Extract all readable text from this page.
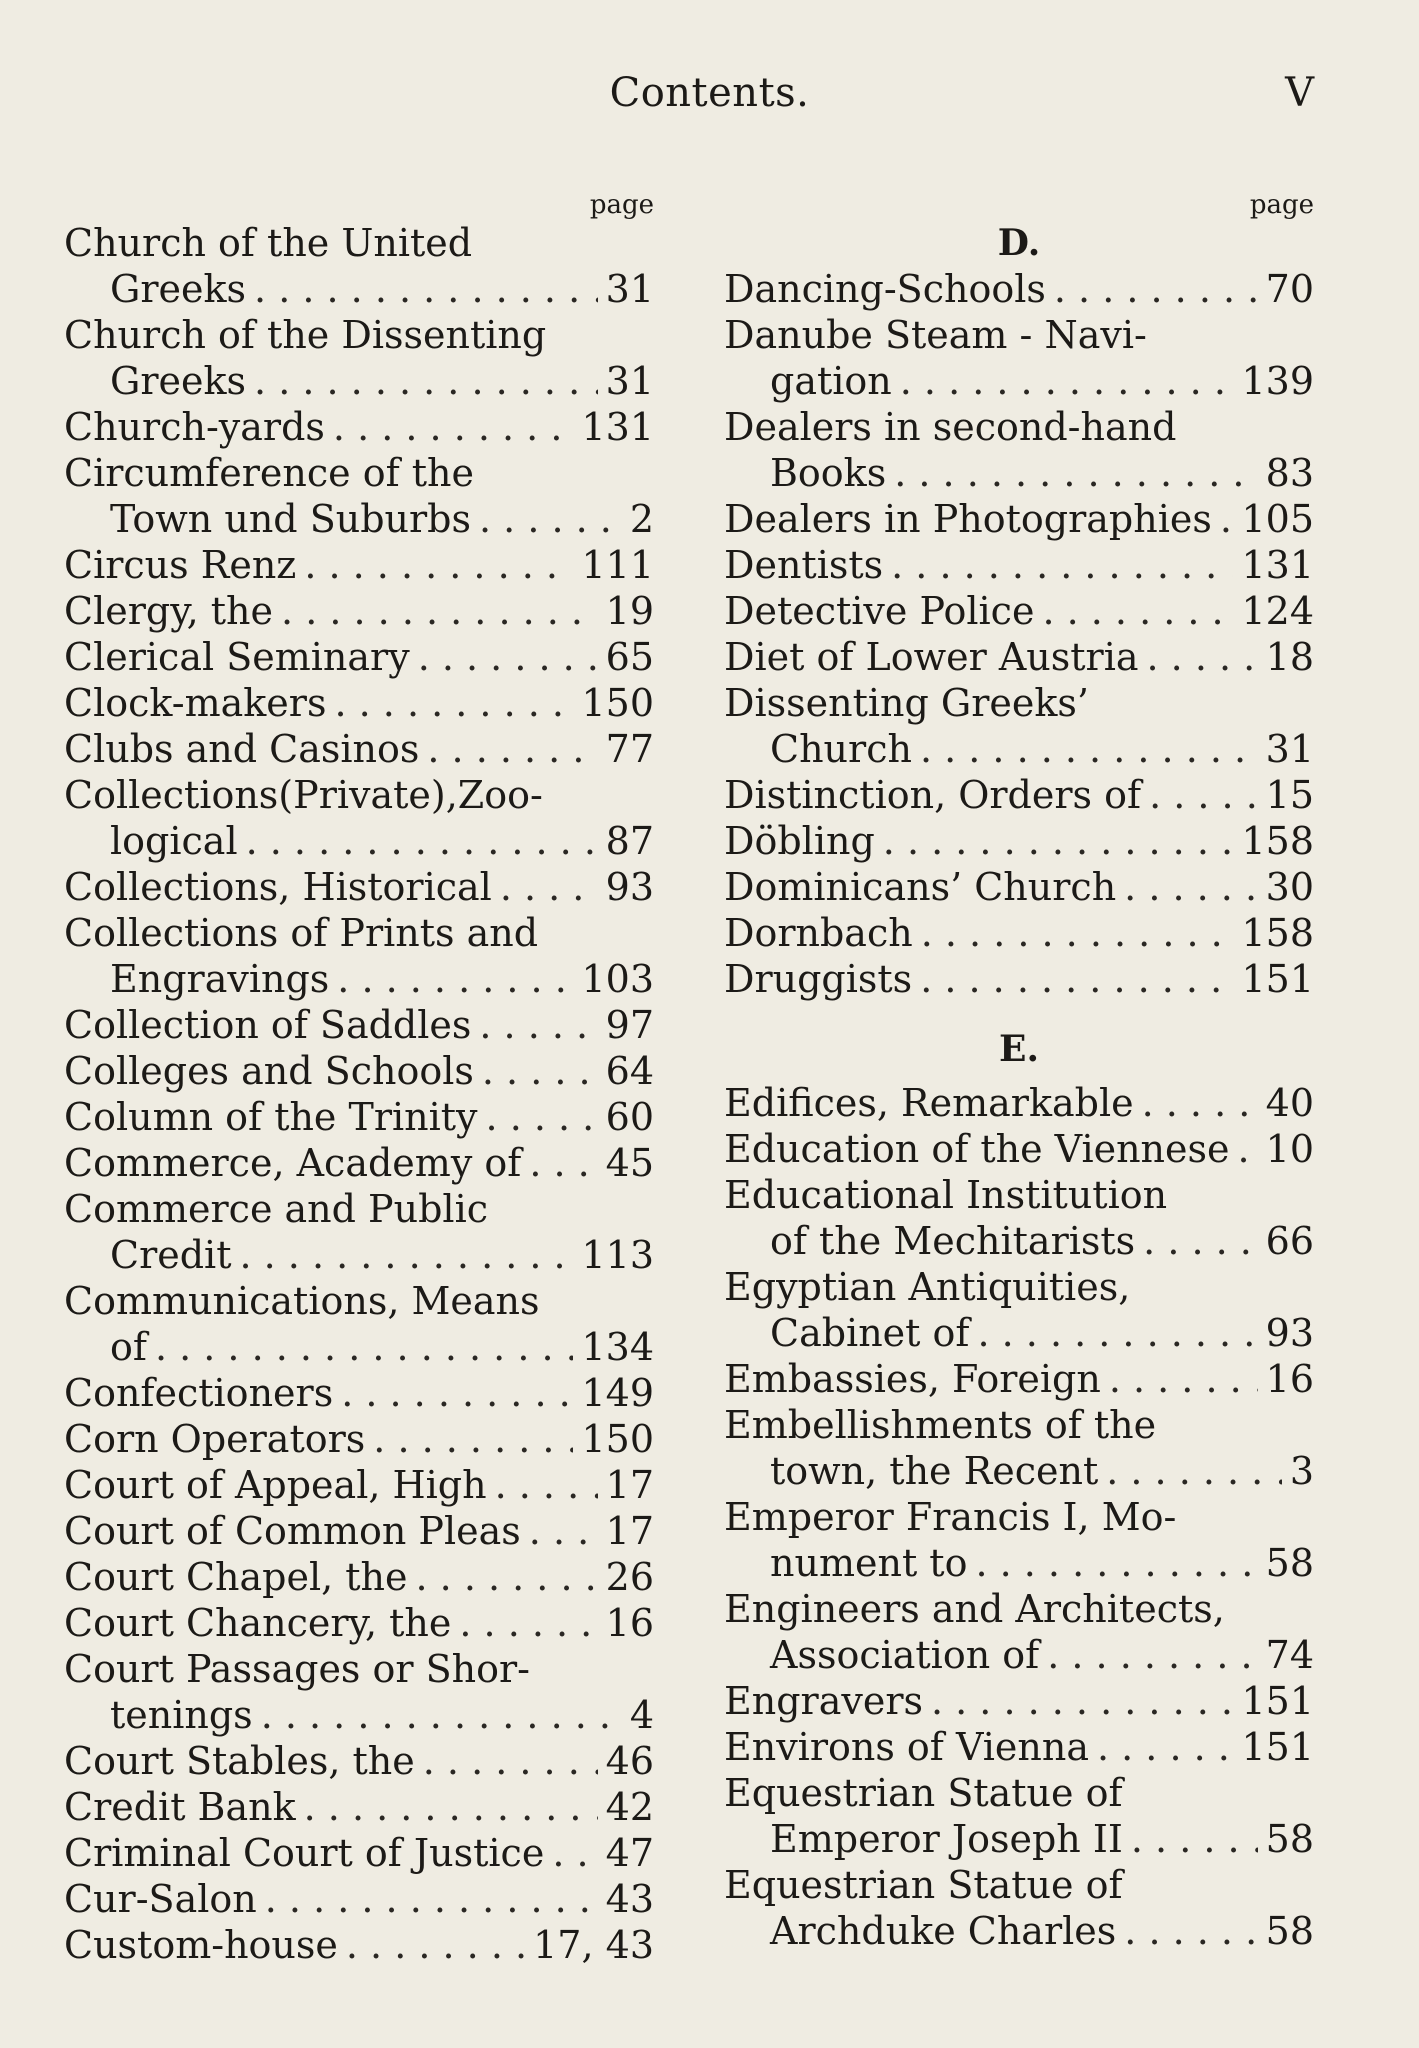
Contents.	V
page
Church of the United
Greeks . . .	31
Church of the Dissenting
Greeks . . .	31
Church-yards . . .	131
Circumference of the
Town und Suburbs . . .	2
Circus Renz . . .	111
Clergy, the . . .	19
Clerical Seminary . . .	65
Clock-makers . . .	150
Clubs and Casinos . . .	77
Collections(Private),Zoo-
logical . . .	87
Collections, Historical . . .	93
Collections of Prints and
Engravings . . .	103
Collection of Saddles . . .	97
Colleges and Schools . . .	64
Column of the Trinity . . .	60
Commerce, Academy of . . . 45
Commerce and Public
Credit . . .	113
Communications, Means
of . . .	134
Confectioners . . .	149
Corn Operators . . .	150
Court of Appeal, High . . .	17
Court of Common Pleas . . . 17
Court Chapel, the . . .	26
Court Chancery, the . . .	16
Court Passages or Shor-
tenings . . .	4
Court Stables, the . . .	46
Credit Bank . . .	42
Criminal Court of Justice . . . 47
Cur-Salon . . .	43
Custom-house . . .	17, 43
page
D.
Dancing-Schools . . .	70
Danube Steam - Navi-
gation . . .	139
Dealers in second-hand
Books . . .	83
Dealers in Photographies . . . 105
Dentists . . .	131
Detective Police . . .	124
Diet of Lower Austria . . .	18
Dissenting Greeks’
Church . . .	31
Distinction, Orders of . . .	15
Döbling . . .	158
Dominicans’ Church . . .	30
Dornbach . . .	158
Druggists . . .	151
E.
Edifices, Remarkable . . .	40
Education of the Viennese . . . 10
Educational Institution
of the Mechitarists . . .	66
Egyptian Antiquities,
Cabinet of . . .	93
Embassies, Foreign . . .	16
Embellishments of the
town, the Recent . . .	3
Emperor Francis I, Mo-
nument to . . .	58
Engineers and Architects,
Association of . . .	74
Engravers . . .	151
Environs of Vienna . . .	151
Equestrian Statue of
Emperor Joseph II . . .	58
Equestrian Statue of
Archduke Charles . . .	58
